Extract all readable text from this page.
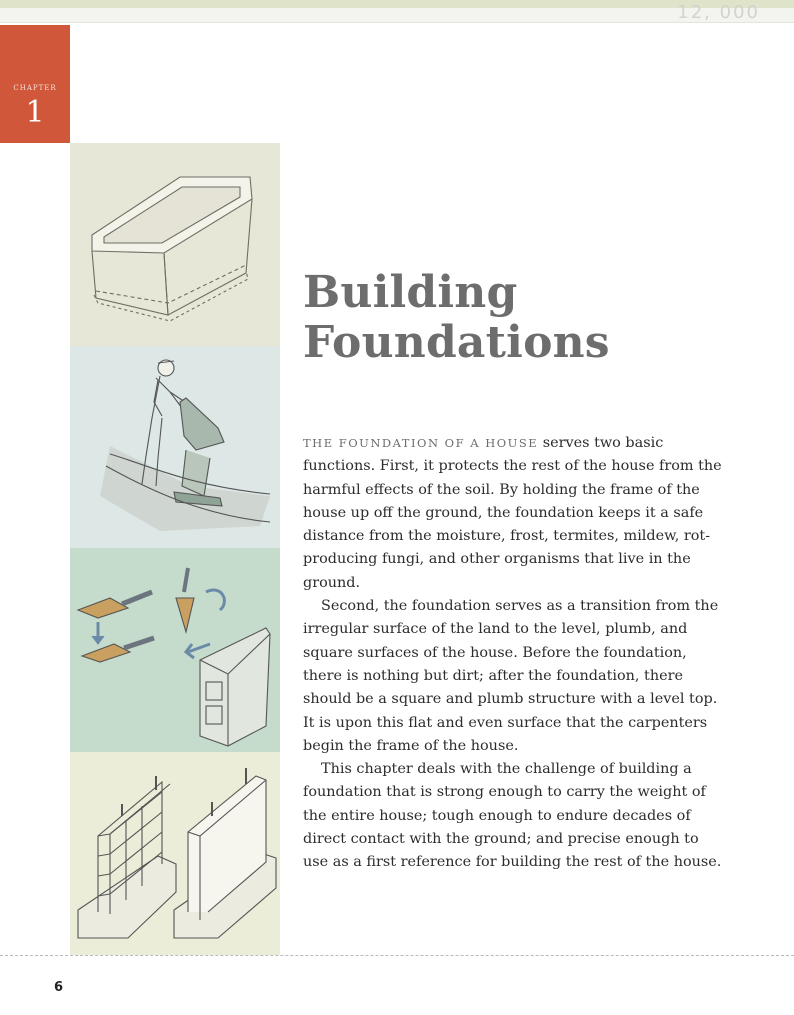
12, 000
CHAPTER
1
Building
Foundations

THE FOUNDATION OF A HOUSE serves two basic functions. First, it protects the rest of the house from the harmful effects of the soil. By holding the frame of the house up off the ground, the foundation keeps it a safe distance from the moisture, frost, termites, mildew, rot-producing fungi, and other organisms that live in the ground.

Second, the foundation serves as a transition from the irregular surface of the land to the level, plumb, and square surfaces of the house. Before the foundation, there is nothing but dirt; after the foundation, there should be a square and plumb structure with a level top. It is upon this flat and even surface that the carpenters begin the frame of the house.

This chapter deals with the challenge of building a foundation that is strong enough to carry the weight of the entire house; tough enough to endure decades of direct contact with the ground; and precise enough to use as a first reference for building the rest of the house.

6
